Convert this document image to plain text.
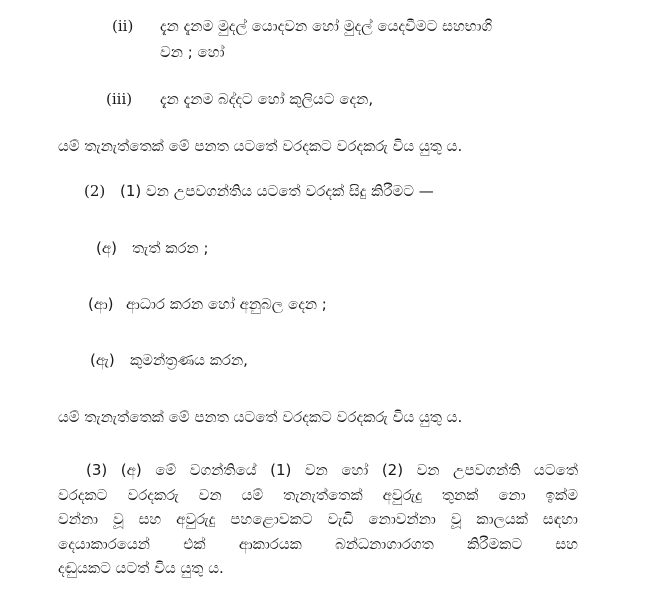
(ii) දැන දැනම මුදල් යොදවන හෝ මුදල් යෙදවීමට සහභාගි
වන ; හෝ
(iii) දැන දැනම බද්දට හෝ කුලියට දෙන,
යම් තැනැත්තෙක් මේ පනත යටතේ වරදකට වරදකරු විය යුතු ය.
(2) (1) වන උපවගන්තිය යටතේ වරදක් සිදු කිරීමට —
(අ) තැත් කරන ;
(ආ) ආධාර කරන හෝ අනුබල දෙන ;
(ඇ) කුමන්ත්‍රණය කරන,
යම් තැනැත්තෙක් මේ පනත යටතේ වරදකට වරදකරු විය යුතු ය.
(3) (අ) මේ වගන්තියේ (1) වන හෝ (2) වන උපවගන්ති යටතේ
වරදකට වරදකරු වන යම් තැනැත්තෙක් අවුරුදු තුනක් නො ඉක්ම
වන්නා වූ සහ අවුරුදු පහළොවකට වැඩි නොවන්නා වූ කාලයක් සඳහා
දෙයාකාරයෙන් එක් ආකාරයක බන්ධනාගාරගත කිරීමකට සහ
දඬුයකට යටත් විය යුතු ය.
